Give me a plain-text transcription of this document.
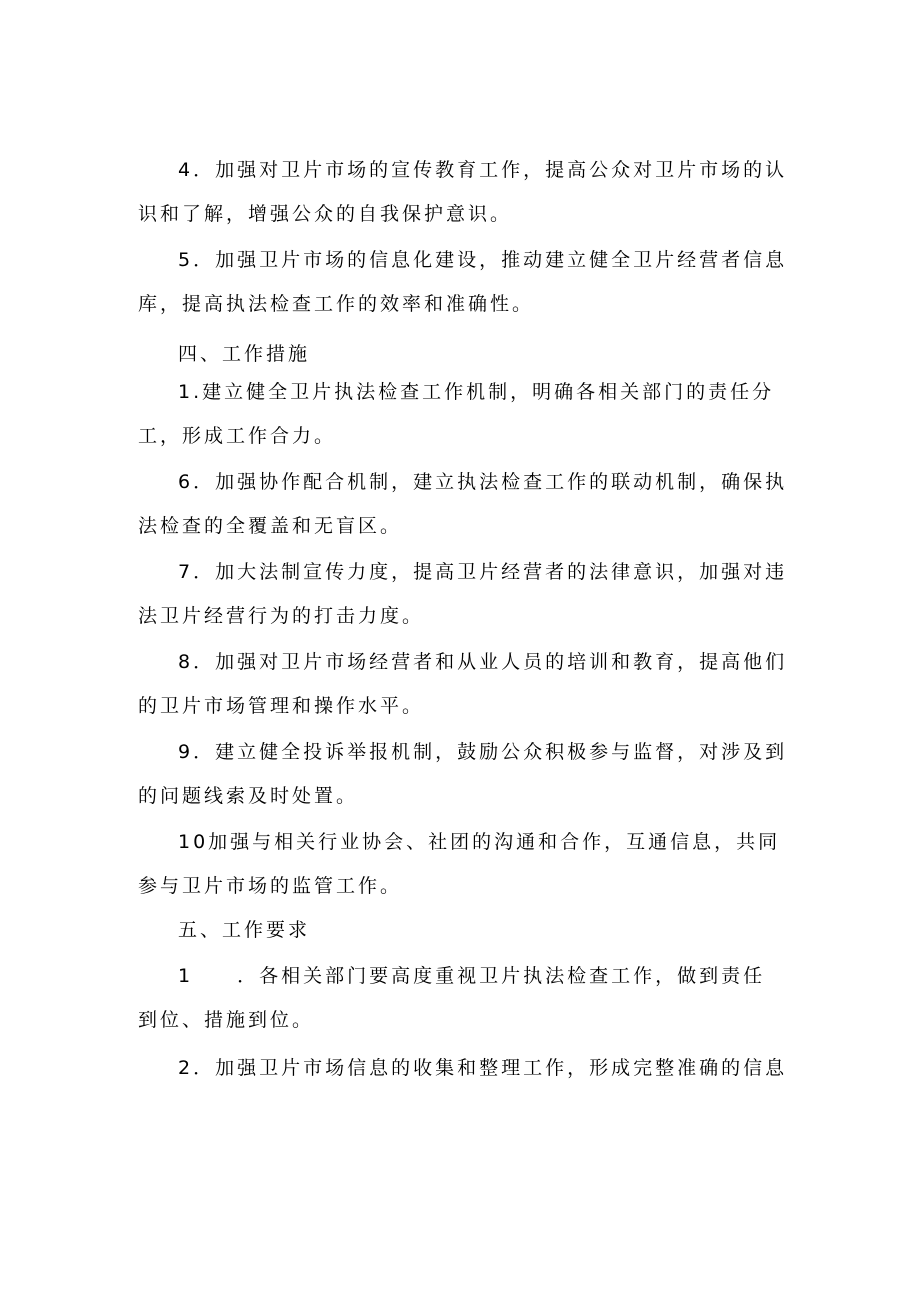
4．加强对卫片市场的宣传教育工作，提高公众对卫片市场的认
识和了解，增强公众的自我保护意识。
5．加强卫片市场的信息化建设，推动建立健全卫片经营者信息
库，提高执法检查工作的效率和准确性。
四、工作措施
1.建立健全卫片执法检查工作机制，明确各相关部门的责任分
工，形成工作合力。
6．加强协作配合机制，建立执法检查工作的联动机制，确保执
法检查的全覆盖和无盲区。
7．加大法制宣传力度，提高卫片经营者的法律意识，加强对违
法卫片经营行为的打击力度。
8．加强对卫片市场经营者和从业人员的培训和教育，提高他们
的卫片市场管理和操作水平。
9．建立健全投诉举报机制，鼓励公众积极参与监督，对涉及到
的问题线索及时处置。
10加强与相关行业协会、社团的沟通和合作，互通信息，共同
参与卫片市场的监管工作。
五、工作要求
1　　．各相关部门要高度重视卫片执法检查工作，做到责任
到位、措施到位。
2．加强卫片市场信息的收集和整理工作，形成完整准确的信息
